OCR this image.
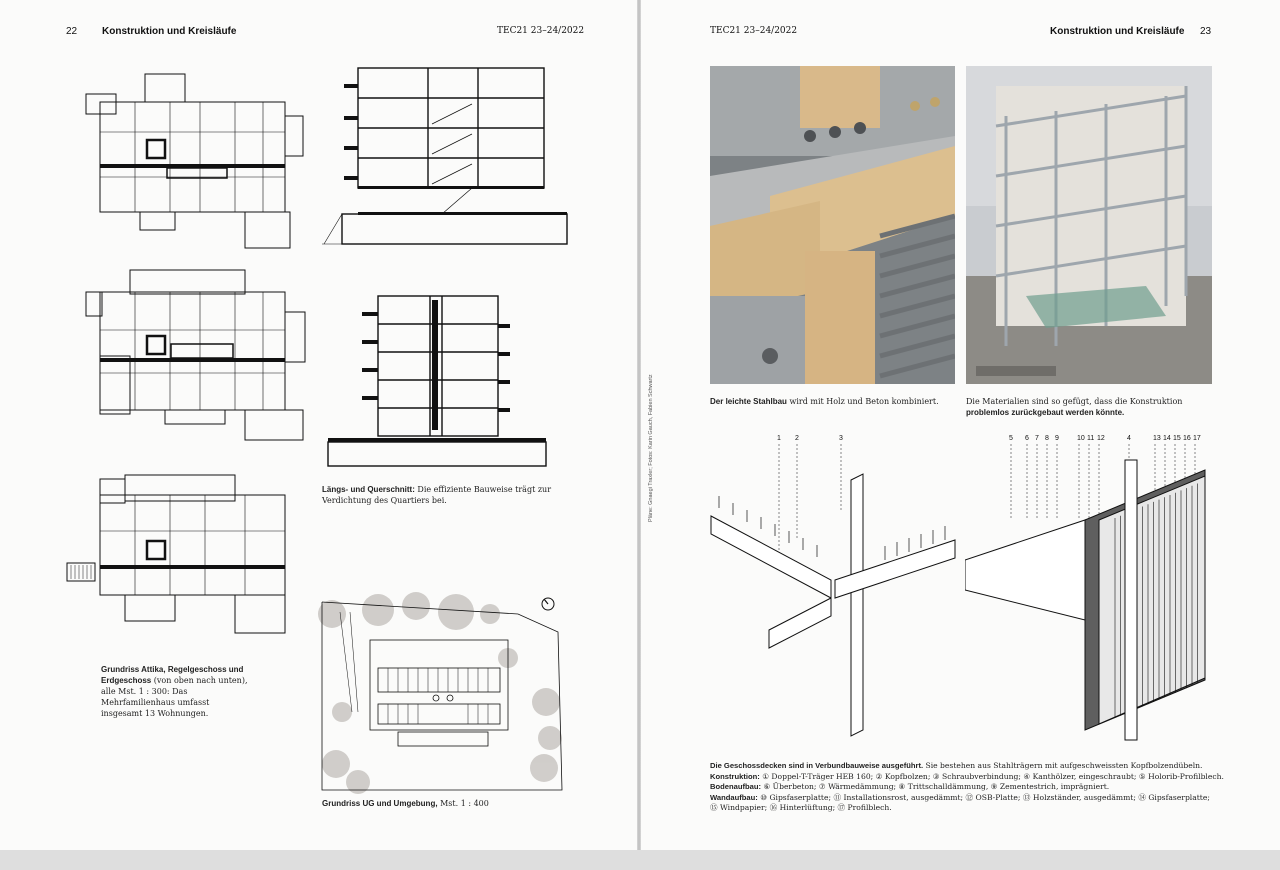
22 Konstruktion und Kreisläufe	TEC21 23–24/2022
Grundriss Attika, Regelgeschoss und Erdgeschoss (von oben nach unten), alle Mst. 1 : 300: Das Mehrfamilienhaus umfasst insgesamt 13 Wohnungen.
Längs- und Querschnitt: Die effiziente Bauweise trägt zur Verdichtung des Quartiers bei.
Grundriss UG und Umgebung, Mst. 1 : 400
TEC21 23–24/2022	Konstruktion und Kreisläufe 23
Pläne: Gnaegi Traxler; Fotos: Karin Gauch, Fabien Schwartz	Der leichte Stahlbau wird mit Holz und Beton kombiniert.	Die Materialien sind so gefügt, dass die Konstruktion problemlos zurückgebaut werden könnte.
1 2	3	5 6 7 8 9	10 11 12	4	13 14 15 16 17
Die Geschossdecken sind in Verbundbauweise ausgeführt. Sie bestehen aus Stahlträgern mit aufgeschweissten Kopfbolzendübeln.
Konstruktion: ① Doppel-T-Träger HEB 160; ② Kopfbolzen; ③ Schraubverbindung; ④ Kanthölzer, eingeschraubt; ⑤ Holorib-Profilblech.
Bodenaufbau: ⑥ Überbeton; ⑦ Wärmedämmung; ⑧ Trittschalldämmung, ⑨ Zementestrich, imprägniert.
Wandaufbau: ⑩ Gipsfaserplatte; ⑪ Installationsrost, ausgedämmt; ⑫ OSB-Platte; ⑬ Holzständer, ausgedämmt; ⑭ Gipsfaserplatte;
⑮ Windpapier; ⑯ Hinterlüftung; ⑰ Profilblech.
